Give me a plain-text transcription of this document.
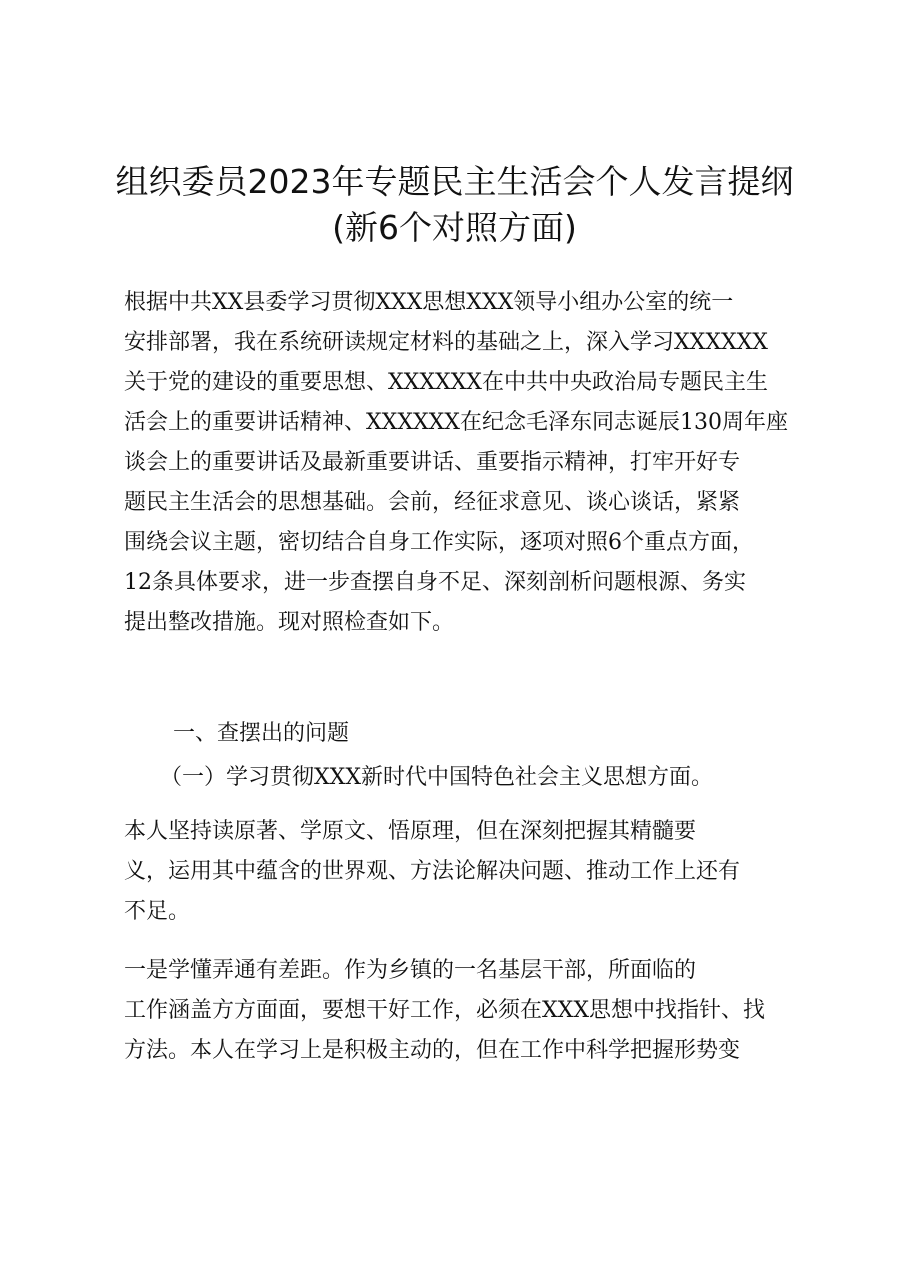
组织委员2023年专题民主生活会个人发言提纲
(新6个对照方面)
根据中共XX县委学习贯彻XXX思想XXX领导小组办公室的统一
安排部署，我在系统研读规定材料的基础之上，深入学习XXXXXX
关于党的建设的重要思想、XXXXXX在中共中央政治局专题民主生
活会上的重要讲话精神、XXXXXX在纪念毛泽东同志诞辰130周年座
谈会上的重要讲话及最新重要讲话、重要指示精神，打牢开好专
题民主生活会的思想基础。会前，经征求意见、谈心谈话，紧紧
围绕会议主题，密切结合自身工作实际，逐项对照6个重点方面，
12条具体要求，进一步查摆自身不足、深刻剖析问题根源、务实
提出整改措施。现对照检查如下。
一、查摆出的问题
（一）学习贯彻XXX新时代中国特色社会主义思想方面。
本人坚持读原著、学原文、悟原理，但在深刻把握其精髓要
义，运用其中蕴含的世界观、方法论解决问题、推动工作上还有
不足。
一是学懂弄通有差距。作为乡镇的一名基层干部，所面临的
工作涵盖方方面面，要想干好工作，必须在XXX思想中找指针、找
方法。本人在学习上是积极主动的，但在工作中科学把握形势变
